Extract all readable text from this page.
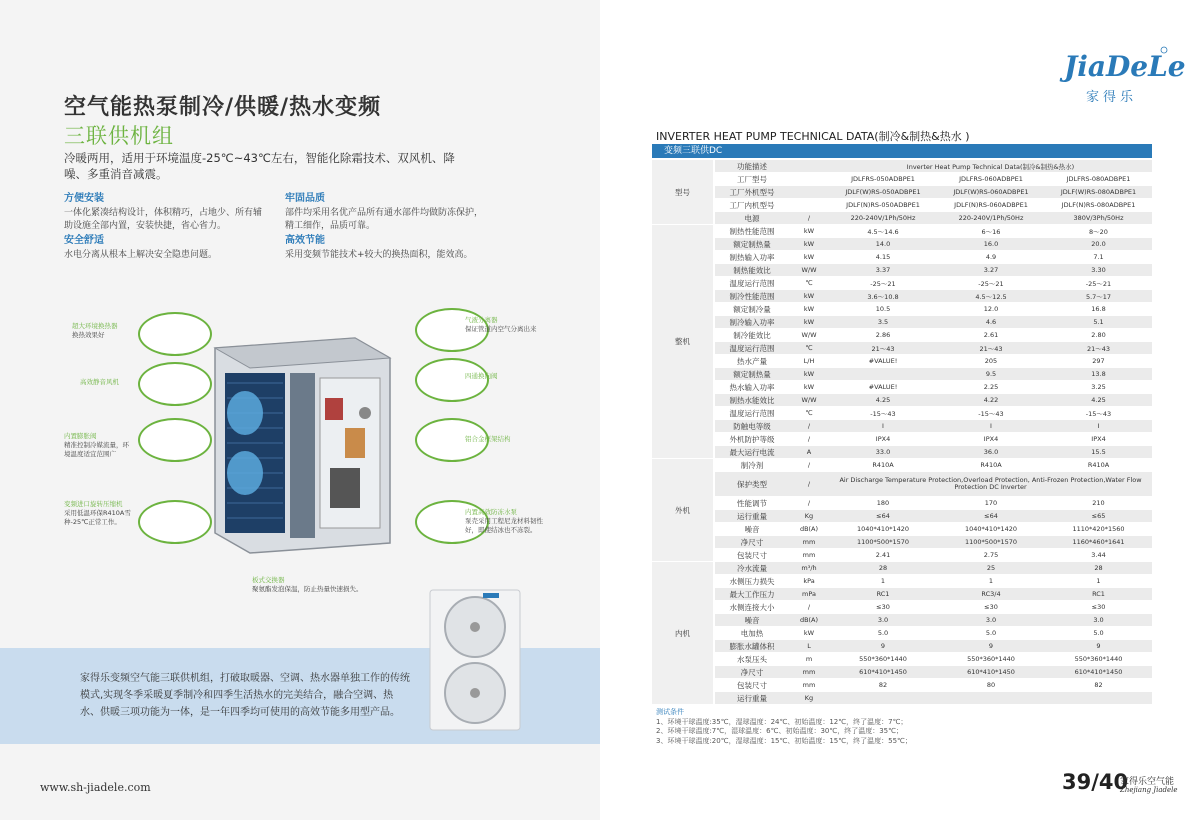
空气能热泵制冷/供暖/热水变频
三联供机组
冷暖两用，适用于环境温度-25℃~43℃左右，智能化除霜技术、双风机、降噪、多重消音减震。
方便安装
一体化紧凑结构设计，体积精巧，占地少、所有辅助设施全部内置，安装快捷，省心省力。
牢固品质
部件均采用名优产品所有通水部件均做防冻保护，精工细作，品质可靠。
安全舒适
水电分离从根本上解决安全隐患问题。
高效节能
采用变频节能技术+较大的换热面积，能效高。
超大环境换热器
换热效果好
高效静音风机
内置膨胀阀
精准控制冷媒流量，环境温度适宜范围广
变频进口旋转压缩机
采用低温环保R410A雪种-25℃正常工作。
气液分离器
保证管道内空气分离出来
四通换向阀
铝合金框架结构
内置高效防冻水泵
泵壳采用工程尼龙材料韧性好，即使结冰也不冻裂。
板式交换器
聚氨酯发泡保温，防止热量快速损失。
家得乐变频空气能三联供机组，打破取暖器、空调、热水器单独工作的传统模式,实现冬季采暖夏季制冷和四季生活热水的完美结合，融合空调、热水、供暖三项功能为一体，是一年四季均可使用的高效节能多用型产品。
www.sh-jiadele.com
JiaDeLe
家得乐
INVERTER HEAT PUMP TECHNICAL DATA(制冷&制热&热水 )
变频三联供DC
型号	功能描述		Inverter Heat Pump Technical Data(制冷&制热&热水)		
	工厂型号		JDLFRS-050ADBPE1	JDLFRS-060ADBPE1	JDLFRS-080ADBPE1
	工厂外机型号		JDLF(W)RS-050ADBPE1	JDLF(W)RS-060ADBPE1	JDLF(W)RS-080ADBPE1
	工厂内机型号		JDLF(N)RS-050ADBPE1	JDLF(N)RS-060ADBPE1	JDLF(N)RS-080ADBPE1
	电源	/	220-240V/1Ph/50Hz	220-240V/1Ph/50Hz	380V/3Ph/50Hz
整机	制热性能范围	kW	4.5～14.6	6～16	8～20
	额定制热量	kW	14.0	16.0	20.0
	制热输入功率	kW	4.15	4.9	7.1
	制热能效比	W/W	3.37	3.27	3.30
	温度运行范围	℃	-25～21	-25～21	-25～21
	制冷性能范围	kW	3.6～10.8	4.5～12.5	5.7～17
	额定制冷量	kW	10.5	12.0	16.8
	制冷输入功率	kW	3.5	4.6	5.1
	制冷能效比	W/W	2.86	2.61	2.80
	温度运行范围	℃	21～43	21～43	21～43
	热水产量	L/H	#VALUE!	205	297
	额定制热量	kW		9.5	13.8
	热水输入功率	kW	#VALUE!	2.25	3.25
	制热水能效比	W/W	4.25	4.22	4.25
	温度运行范围	℃	-15～43	-15～43	-15～43
	防触电等级	/	Ⅰ	Ⅰ	Ⅰ
	外机防护等级	/	IPX4	IPX4	IPX4
	最大运行电流	A	33.0	36.0	15.5
外机	制冷剂	/	R410A	R410A	R410A
	保护类型	/	Air Discharge Temperature Protection,Overload Protection, Anti-Frozen Protection,Water Flow Protection DC Inverter		
	性能调节	/	180	170	210
	运行重量	Kg	≤64	≤64	≤65
	噪音	dB(A)	1040*410*1420	1040*410*1420	1110*420*1560
	净尺寸	mm	1100*500*1570	1100*500*1570	1160*460*1641
	包装尺寸	mm	2.41	2.75	3.44
内机	冷水流量	m³/h	28	25	28
	水侧压力损失	kPa	1	1	1
	最大工作压力	mPa	RC1	RC3/4	RC1
	水侧连接大小	/	≤30	≤30	≤30
	噪音	dB(A)	3.0	3.0	3.0
	电加热	kW	5.0	5.0	5.0
	膨胀水罐体积	L	9	9	9
	水泵压头	m	550*360*1440	550*360*1440	550*360*1440
	净尺寸	mm	610*410*1450	610*410*1450	610*410*1450
	包装尺寸	mm	82	80	82
	运行重量	Kg			
测试条件
1、环境干球温度:35℃，湿球温度：24℃、初始温度：12℃，终了温度：7℃；
2、环境干球温度:7℃，湿球温度：6℃、初始温度：30℃，终了温度：35℃；
3、环境干球温度:20℃，湿球温度：15℃、初始温度：15℃，终了温度：55℃；
39/40
家得乐空气能
Zhejiang Jiadele
